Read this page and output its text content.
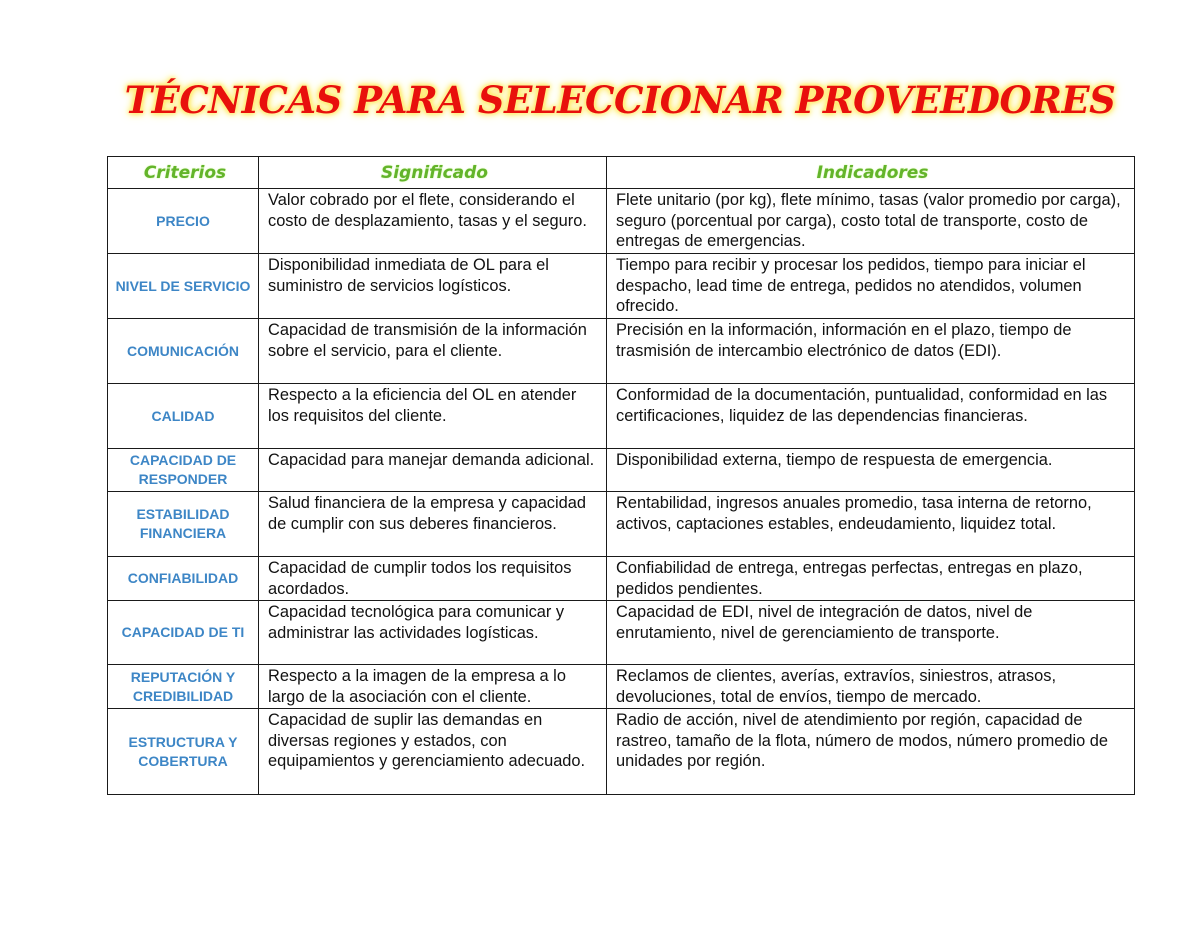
TÉCNICAS PARA SELECCIONAR PROVEEDORES
Criterios	Significado	Indicadores
PRECIO	Valor cobrado por el flete, considerando el costo de desplazamiento, tasas y el seguro.	Flete unitario (por kg), flete mínimo, tasas (valor promedio por carga), seguro (porcentual por carga), costo total de transporte, costo de entregas de emergencias.
NIVEL DE SERVICIO	Disponibilidad inmediata de OL para el suministro de servicios logísticos.	Tiempo para recibir y procesar los pedidos, tiempo para iniciar el despacho, lead time de entrega, pedidos no atendidos, volumen ofrecido.
COMUNICACIÓN	Capacidad de transmisión de la información sobre el servicio, para el cliente.	Precisión en la información, información en el plazo, tiempo de trasmisión de intercambio electrónico de datos (EDI).
CALIDAD	Respecto a la eficiencia del OL en atender los requisitos del cliente.	Conformidad de la documentación, puntualidad, conformidad en las certificaciones, liquidez de las dependencias financieras.
CAPACIDAD DE RESPONDER	Capacidad para manejar demanda adicional.	Disponibilidad externa, tiempo de respuesta de emergencia.
ESTABILIDAD FINANCIERA	Salud financiera de la empresa y capacidad de cumplir con sus deberes financieros.	Rentabilidad, ingresos anuales promedio, tasa interna de retorno, activos, captaciones estables, endeudamiento, liquidez total.
CONFIABILIDAD	Capacidad de cumplir todos los requisitos acordados.	Confiabilidad de entrega, entregas perfectas, entregas en plazo, pedidos pendientes.
CAPACIDAD DE TI	Capacidad tecnológica para comunicar y administrar las actividades logísticas.	Capacidad de EDI, nivel de integración de datos, nivel de enrutamiento, nivel de gerenciamiento de transporte.
REPUTACIÓN Y CREDIBILIDAD	Respecto a la imagen de la empresa a lo largo de la asociación con el cliente.	Reclamos de clientes, averías, extravíos, siniestros, atrasos, devoluciones, total de envíos, tiempo de mercado.
ESTRUCTURA Y COBERTURA	Capacidad de suplir las demandas en diversas regiones y estados, con equipamientos y gerenciamiento adecuado.	Radio de acción, nivel de atendimiento por región, capacidad de rastreo, tamaño de la flota, número de modos, número promedio de unidades por región.
